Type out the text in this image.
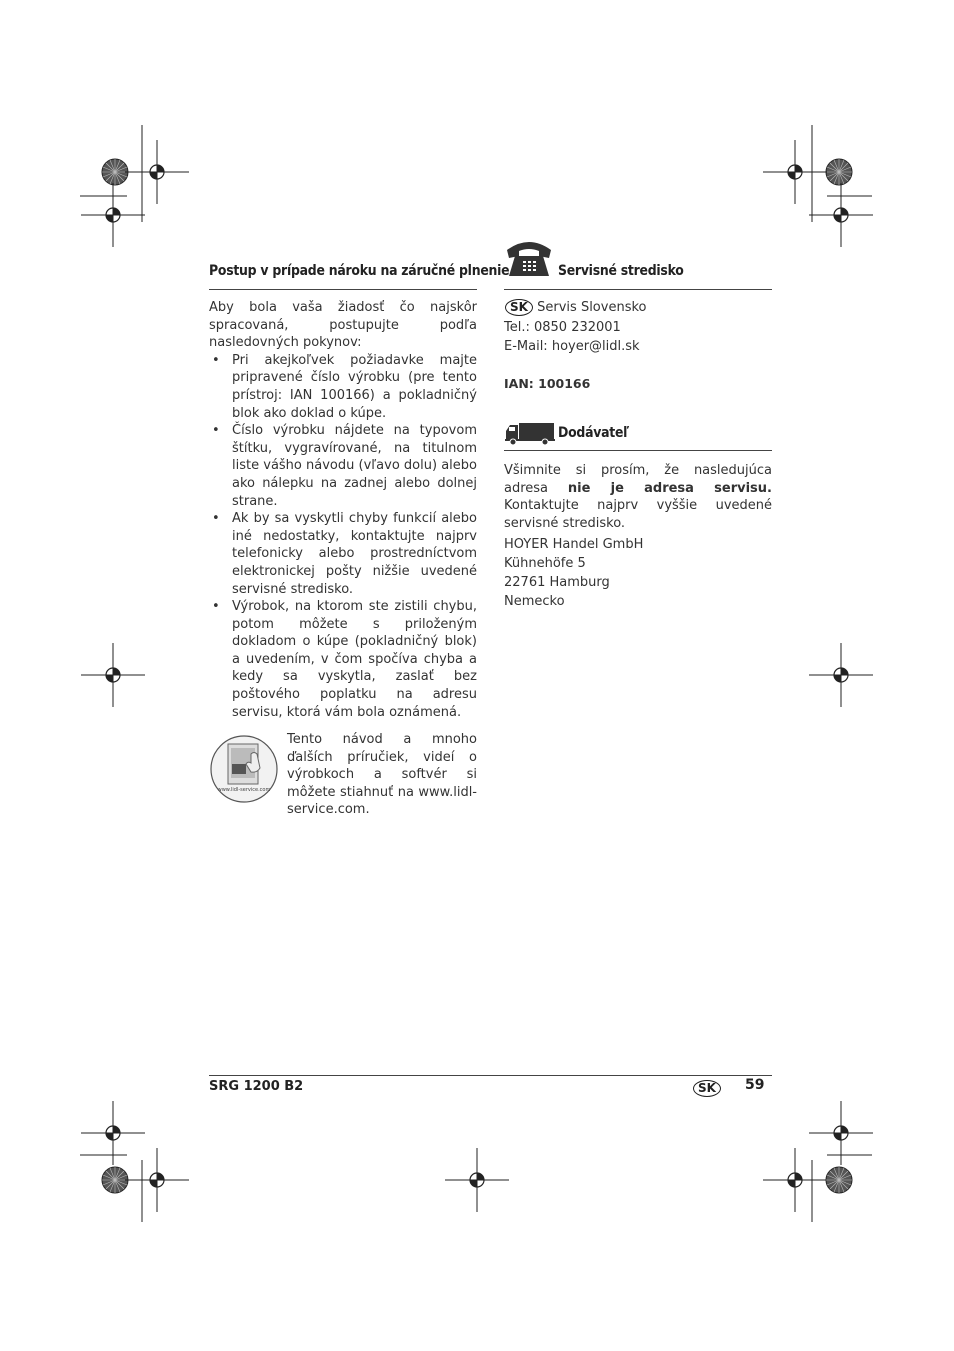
Postup v prípade nároku na záručné plnenie
Aby bola vaša žiadosť čo najskôr spracovaná, postupujte podľa nasledovných pokynov:
• Pri akejkoľvek požiadavke majte pripravené číslo výrobku (pre tento prístroj: IAN 100166) a pokladničný blok ako doklad o kúpe.
• Číslo výrobku nájdete na typovom štítku, vygravírované, na titulnom liste vášho návodu (vľavo dolu) alebo ako nálepku na zadnej alebo dolnej strane.
• Ak by sa vyskytli chyby funkcií alebo iné nedostatky, kontaktujte najprv telefonicky alebo prostredníctvom elektronickej pošty nižšie uvedené servisné stredisko.
• Výrobok, na ktorom ste zistili chybu, potom môžete s priloženým dokladom o kúpe (pokladničný blok) a uvedením, v čom spočíva chyba a kedy sa vyskytla, zaslať bez poštového poplatku na adresu servisu, ktorá vám bola oznámená.
www.lidl-service.com
Tento návod a mnoho ďalších príručiek, videí o výrobkoch a softvér si môžete stiahnuť na www.lidl-service.com.
Servisné stredisko
SK Servis Slovensko
Tel.: 0850 232001
E-Mail: hoyer@lidl.sk
IAN: 100166
Dodávateľ
Všimnite si prosím, že nasledujúca adresa nie je adresa servisu. Kontaktujte najprv vyššie uvedené servisné stredisko.
HOYER Handel GmbH
Kühnehöfe 5
22761 Hamburg
Nemecko
SRG 1200 B2	SK	59
